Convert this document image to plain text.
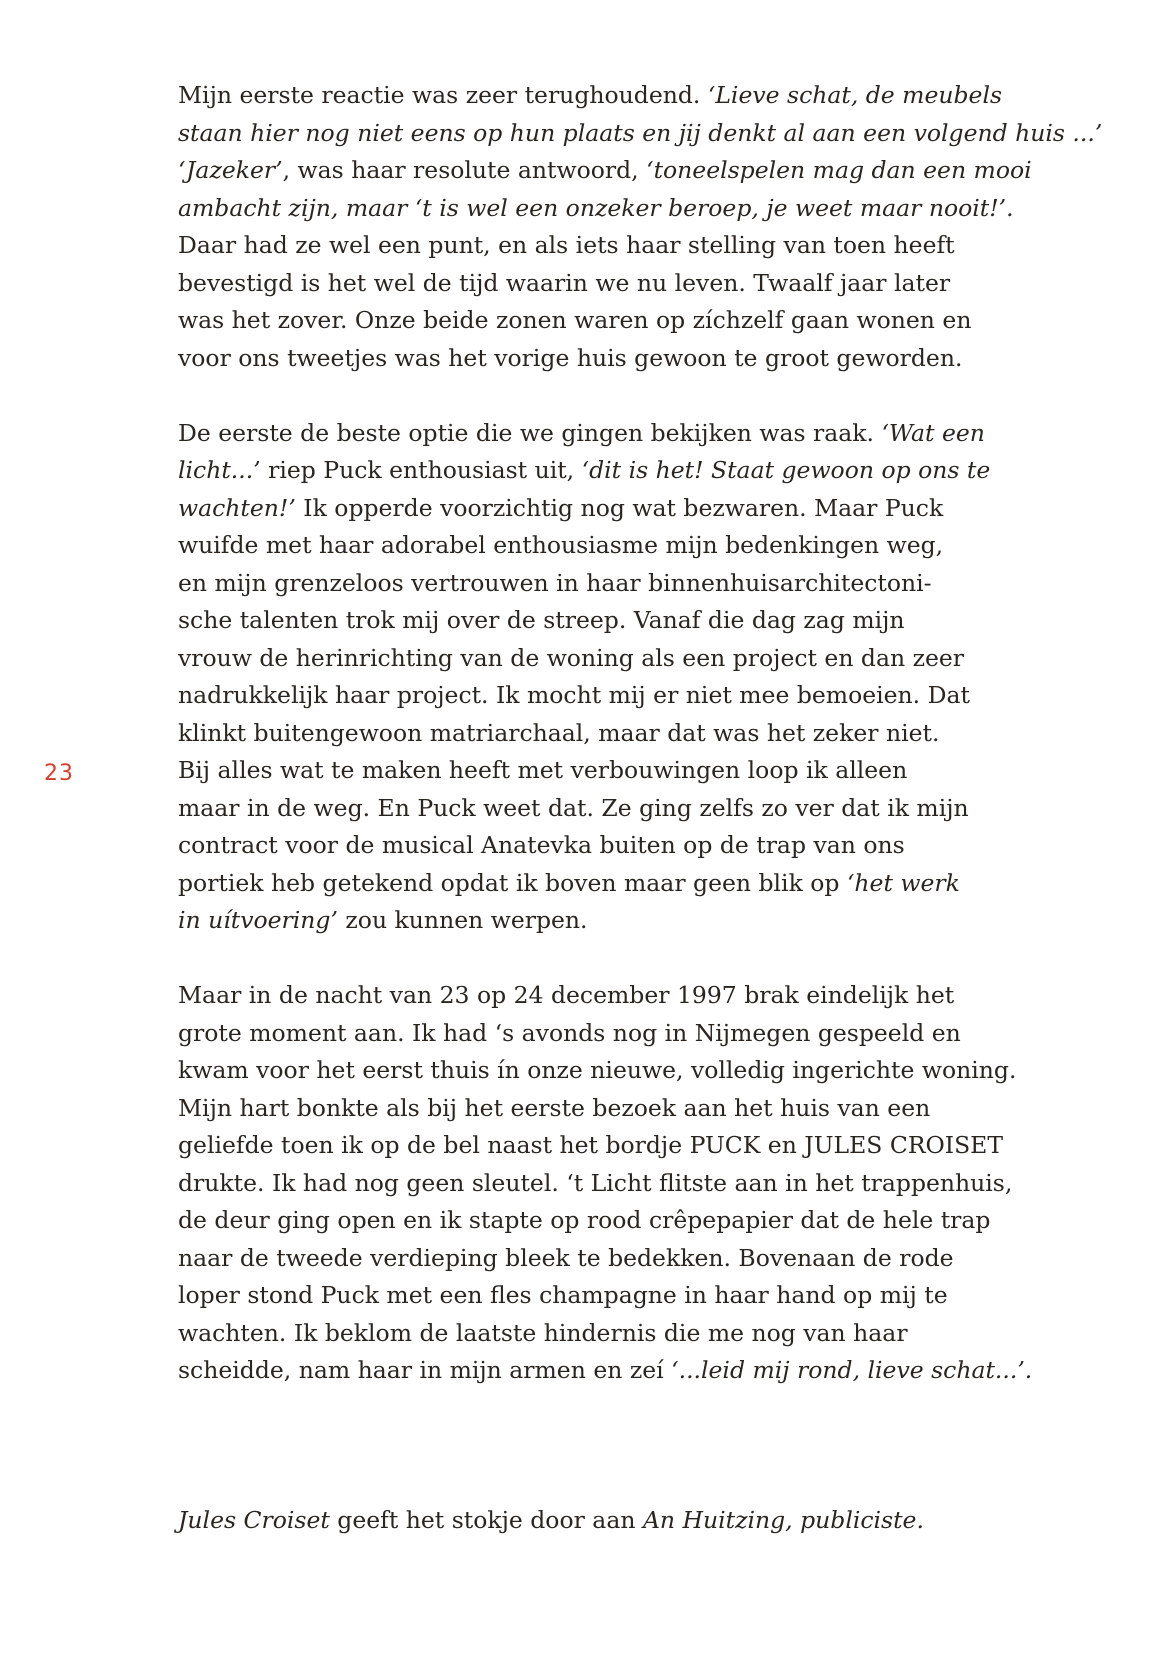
23
Mijn eerste reactie was zeer terughoudend. ‘Lieve schat, de meubels
staan hier nog niet eens op hun plaats en jij denkt al aan een volgend huis ...’
‘Jazeker’, was haar resolute antwoord, ‘toneelspelen mag dan een mooi
ambacht zijn, maar ‘t is wel een onzeker beroep, je weet maar nooit!’.
Daar had ze wel een punt, en als iets haar stelling van toen heeft
bevestigd is het wel de tijd waarin we nu leven. Twaalf jaar later
was het zover. Onze beide zonen waren op zíchzelf gaan wonen en
voor ons tweetjes was het vorige huis gewoon te groot geworden.
De eerste de beste optie die we gingen bekijken was raak. ‘Wat een
licht...’ riep Puck enthousiast uit, ‘dit is het! Staat gewoon op ons te
wachten!’ Ik opperde voorzichtig nog wat bezwaren. Maar Puck
wuifde met haar adorabel enthousiasme mijn bedenkingen weg,
en mijn grenzeloos vertrouwen in haar binnenhuisarchitectoni-
sche talenten trok mij over de streep. Vanaf die dag zag mijn
vrouw de herinrichting van de woning als een project en dan zeer
nadrukkelijk haar project. Ik mocht mij er niet mee bemoeien. Dat
klinkt buitengewoon matriarchaal, maar dat was het zeker niet.
Bij alles wat te maken heeft met verbouwingen loop ik alleen
maar in de weg. En Puck weet dat. Ze ging zelfs zo ver dat ik mijn
contract voor de musical Anatevka buiten op de trap van ons
portiek heb getekend opdat ik boven maar geen blik op ‘het werk
in uítvoering’ zou kunnen werpen.
Maar in de nacht van 23 op 24 december 1997 brak eindelijk het
grote moment aan. Ik had ‘s avonds nog in Nijmegen gespeeld en
kwam voor het eerst thuis ín onze nieuwe, volledig ingerichte woning.
Mijn hart bonkte als bij het eerste bezoek aan het huis van een
geliefde toen ik op de bel naast het bordje PUCK en JULES CROISET
drukte. Ik had nog geen sleutel. ‘t Licht flitste aan in het trappenhuis,
de deur ging open en ik stapte op rood crêpepapier dat de hele trap
naar de tweede verdieping bleek te bedekken. Bovenaan de rode
loper stond Puck met een fles champagne in haar hand op mij te
wachten. Ik beklom de laatste hindernis die me nog van haar
scheidde, nam haar in mijn armen en zeí ‘...leid mij rond, lieve schat...’.
Jules Croiset geeft het stokje door aan An Huitzing, publiciste.
